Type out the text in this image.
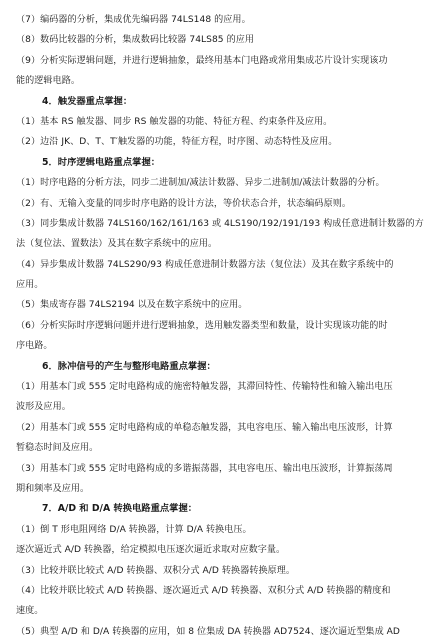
（7）编码器的分析，集成优先编码器 74LS148 的应用。
（8）数码比较器的分析，集成数码比较器 74LS85 的应用
（9）分析实际逻辑问题，并进行逻辑抽象，最终用基本门电路或常用集成芯片设计实现该功
能的逻辑电路。
4．触发器重点掌握：
（1）基本 RS 触发器、同步 RS 触发器的功能、特征方程、约束条件及应用。
（2）边沿 JK、D、T、T′触发器的功能，特征方程，时序图、动态特性及应用。
5．时序逻辑电路重点掌握：
（1）时序电路的分析方法，同步二进制加/减法计数器、异步二进制加/减法计数器的分析。
（2）有、无输入变量的同步时序电路的设计方法，等价状态合并，状态编码原则。
（3）同步集成计数器 74LS160/162/161/163 或 4LS190/192/191/193 构成任意进制计数器的方
法（复位法、置数法）及其在数字系统中的应用。
（4）异步集成计数器 74LS290/93 构成任意进制计数器方法（复位法）及其在数字系统中的
应用。
（5）集成寄存器 74LS2194 以及在数字系统中的应用。
（6）分析实际时序逻辑问题并进行逻辑抽象，选用触发器类型和数量，设计实现该功能的时
序电路。
6．脉冲信号的产生与整形电路重点掌握：
（1）用基本门或 555 定时电路构成的施密特触发器，其滞回特性、传输特性和输入输出电压
波形及应用。
（2）用基本门或 555 定时电路构成的单稳态触发器，其电容电压、输入输出电压波形，计算
暂稳态时间及应用。
（3）用基本门或 555 定时电路构成的多谐振荡器，其电容电压、输出电压波形，计算振荡周
期和频率及应用。
7．A/D 和 D/A 转换电路重点掌握：
（1）倒 T 形电阻网络 D/A 转换器，计算 D/A 转换电压。
逐次逼近式 A/D 转换器，给定模拟电压逐次逼近求取对应数字量。
（3）比较并联比较式 A/D 转换器、双积分式 A/D 转换器转换原理。
（4）比较并联比较式 A/D 转换器、逐次逼近式 A/D 转换器、双积分式 A/D 转换器的精度和
速度。
（5）典型 A/D 和 D/A 转换器的应用，如 8 位集成 DA 转换器 AD7524、逐次逼近型集成 AD
